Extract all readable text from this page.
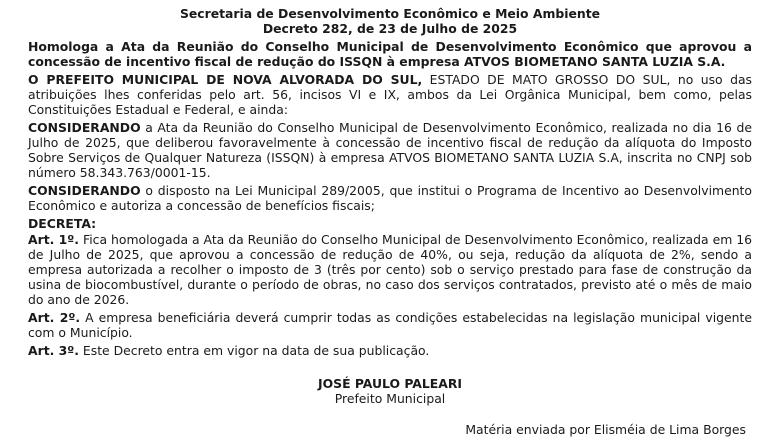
Secretaria de Desenvolvimento Econômico e Meio Ambiente

Decreto 282, de 23 de Julho de 2025

Homologa a Ata da Reunião do Conselho Municipal de Desenvolvimento Econômico que aprovou a concessão de incentivo fiscal de redução do ISSQN à empresa ATVOS BIOMETANO SANTA LUZIA S.A.

O PREFEITO MUNICIPAL DE NOVA ALVORADA DO SUL, ESTADO DE MATO GROSSO DO SUL, no uso das atribuições lhes conferidas pelo art. 56, incisos VI e IX, ambos da Lei Orgânica Municipal, bem como, pelas Constituições Estadual e Federal, e ainda:

CONSIDERANDO a Ata da Reunião do Conselho Municipal de Desenvolvimento Econômico, realizada no dia 16 de Julho de 2025, que deliberou favoravelmente à concessão de incentivo fiscal de redução da alíquota do Imposto Sobre Serviços de Qualquer Natureza (ISSQN) à empresa ATVOS BIOMETANO SANTA LUZIA S.A, inscrita no CNPJ sob número 58.343.763/0001-15.

CONSIDERANDO o disposto na Lei Municipal 289/2005, que institui o Programa de Incentivo ao Desenvolvimento Econômico e autoriza a concessão de benefícios fiscais;

DECRETA:

Art. 1º. Fica homologada a Ata da Reunião do Conselho Municipal de Desenvolvimento Econômico, realizada em 16 de Julho de 2025, que aprovou a concessão de redução de 40%, ou seja, redução da alíquota de 2%, sendo a empresa autorizada a recolher o imposto de 3 (três por cento) sob o serviço prestado para fase de construção da usina de biocombustível, durante o período de obras, no caso dos serviços contratados, previsto até o mês de maio do ano de 2026.

Art. 2º. A empresa beneficiária deverá cumprir todas as condições estabelecidas na legislação municipal vigente com o Município.

Art. 3º. Este Decreto entra em vigor na data de sua publicação.

JOSÉ PAULO PALEARI

Prefeito Municipal

Matéria enviada por Elisméia de Lima Borges
